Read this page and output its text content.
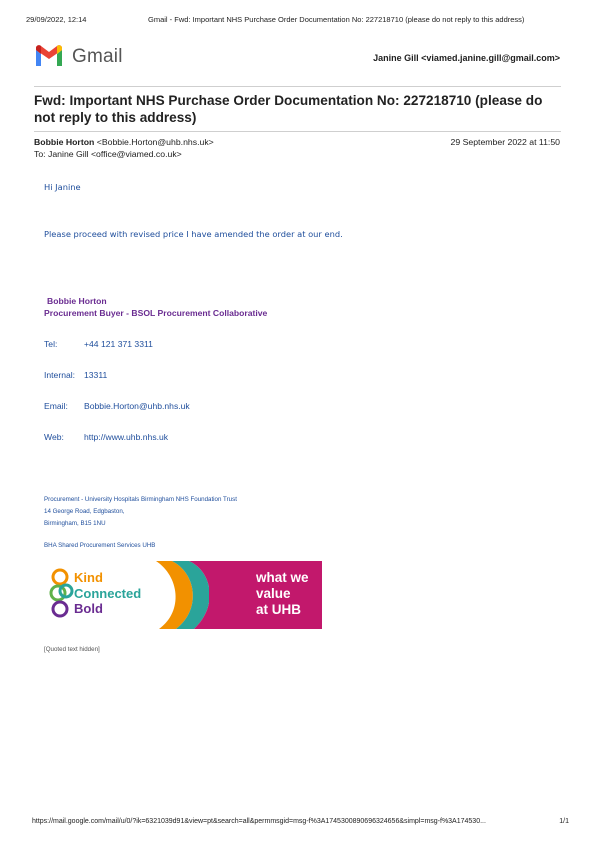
29/09/2022, 12:14	Gmail - Fwd: Important NHS Purchase Order Documentation No: 227218710 (please do not reply to this address)
Gmail	Janine Gill <viamed.janine.gill@gmail.com>
Fwd: Important NHS Purchase Order Documentation No: 227218710 (please do not reply to this address)
Bobbie Horton <Bobbie.Horton@uhb.nhs.uk>	29 September 2022 at 11:50
To: Janine Gill <office@viamed.co.uk>
Hi Janine
Please proceed with revised price I have amended the order at our end.
Bobbie Horton
Procurement Buyer - BSOL Procurement Collaborative
Tel:	+44 121 371 3311
Internal: 13311
Email: Bobbie.Horton@uhb.nhs.uk
Web: http://www.uhb.nhs.uk
Procurement - University Hospitals Birmingham NHS Foundation Trust
14 George Road, Edgbaston,
Birmingham, B15 1NU
BHA Shared Procurement Services UHB
Kind
Connected
Bold
what we
value
at UHB
[Quoted text hidden]
https://mail.google.com/mail/u/0/?ik=6321039d91&view=pt&search=all&permmsgid=msg-f%3A1745300890696324656&simpl=msg-f%3A174530...	1/1
